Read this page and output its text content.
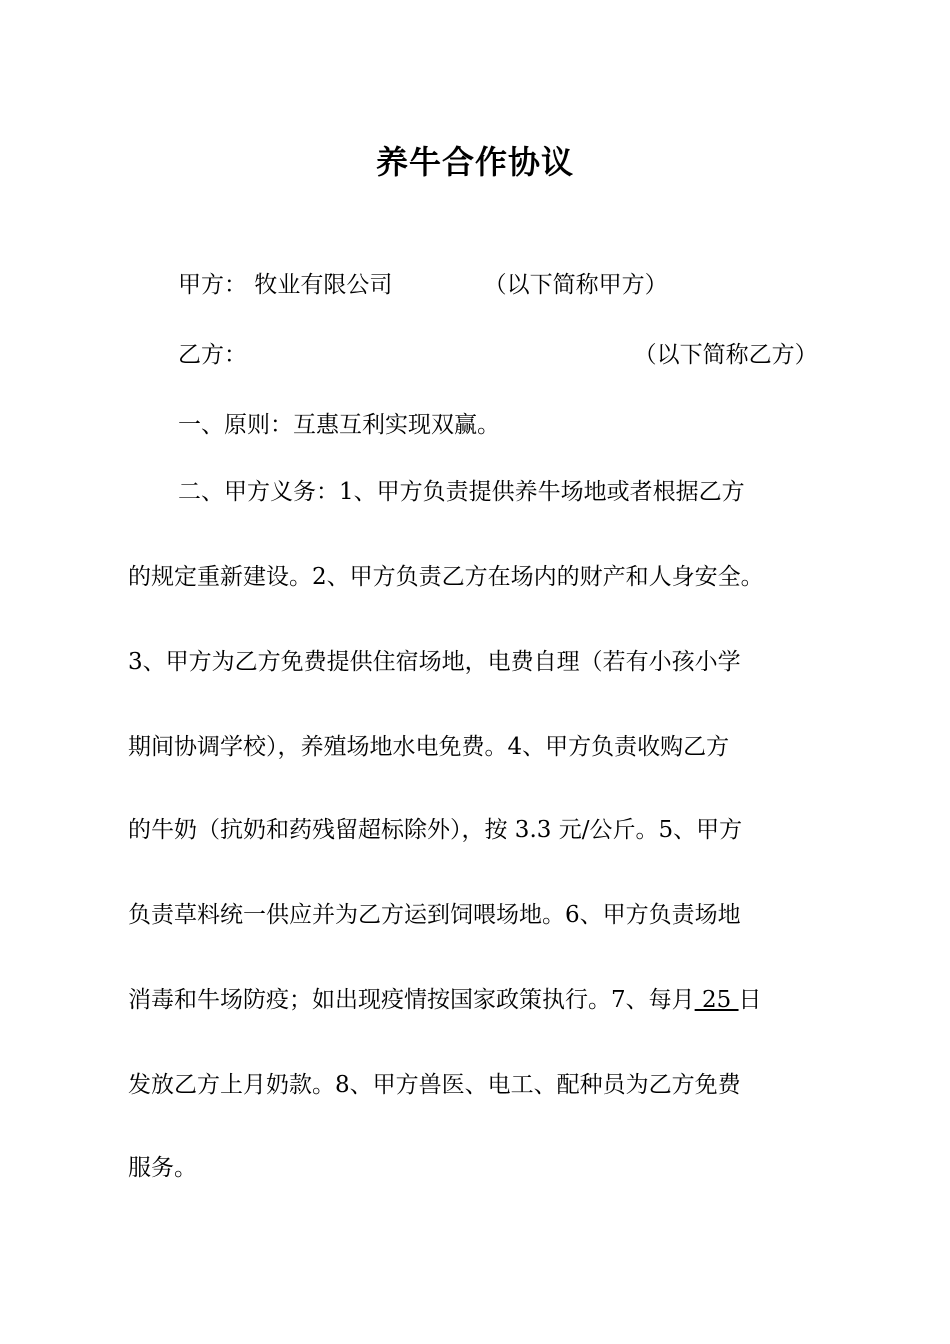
养牛合作协议
甲方： 牧业有限公司	（以下简称甲方）
乙方：	（以下简称乙方）
一、原则：互惠互利实现双赢。
二、甲方义务：1、甲方负责提供养牛场地或者根据乙方
的规定重新建设。2、甲方负责乙方在场内的财产和人身安全。
3、甲方为乙方免费提供住宿场地，电费自理（若有小孩小学
期间协调学校），养殖场地水电免费。4、甲方负责收购乙方
的牛奶（抗奶和药残留超标除外），按 3.3 元/公斤。5、甲方
负责草料统一供应并为乙方运到饲喂场地。6、甲方负责场地
消毒和牛场防疫；如出现疫情按国家政策执行。7、每月 25 日
发放乙方上月奶款。8、甲方兽医、电工、配种员为乙方免费
服务。
